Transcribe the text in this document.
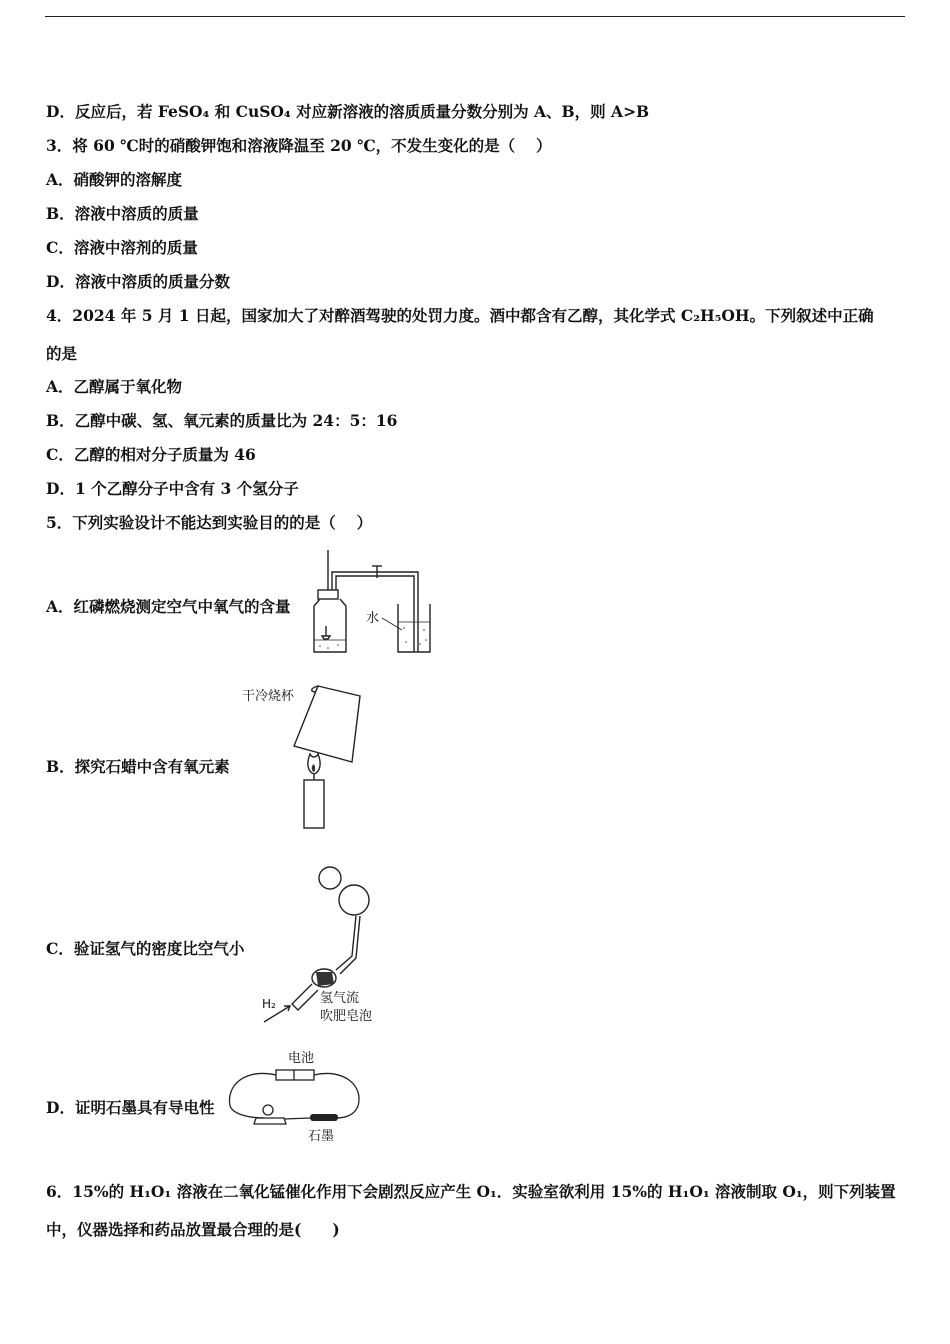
D．反应后，若 FeSO₄ 和 CuSO₄ 对应新溶液的溶质质量分数分别为 A、B，则 A>B
3．将 60 ℃时的硝酸钾饱和溶液降温至 20 ℃，不发生变化的是（　 ）
A．硝酸钾的溶解度
B．溶液中溶质的质量
C．溶液中溶剂的质量
D．溶液中溶质的质量分数
4．2024 年 5 月 1 日起，国家加大了对醉酒驾驶的处罚力度。酒中都含有乙醇，其化学式 C₂H₅OH。下列叙述中正确
的是
A．乙醇属于氧化物
B．乙醇中碳、氢、氧元素的质量比为 24：5：16
C．乙醇的相对分子质量为 46
D．1 个乙醇分子中含有 3 个氢分子
5．下列实验设计不能达到实验目的的是（　 ）
A．红磷燃烧测定空气中氧气的含量
B．探究石蜡中含有氧元素
C．验证氢气的密度比空气小
D．证明石墨具有导电性
水
干冷烧杯
H₂	氢气流
吹肥皂泡
电池
石墨
6．15%的 H₁O₁ 溶液在二氧化锰催化作用下会剧烈反应产生 O₁．实验室欲利用 15%的 H₁O₁ 溶液制取 O₁，则下列装置
中，仪器选择和药品放置最合理的是(　　)
